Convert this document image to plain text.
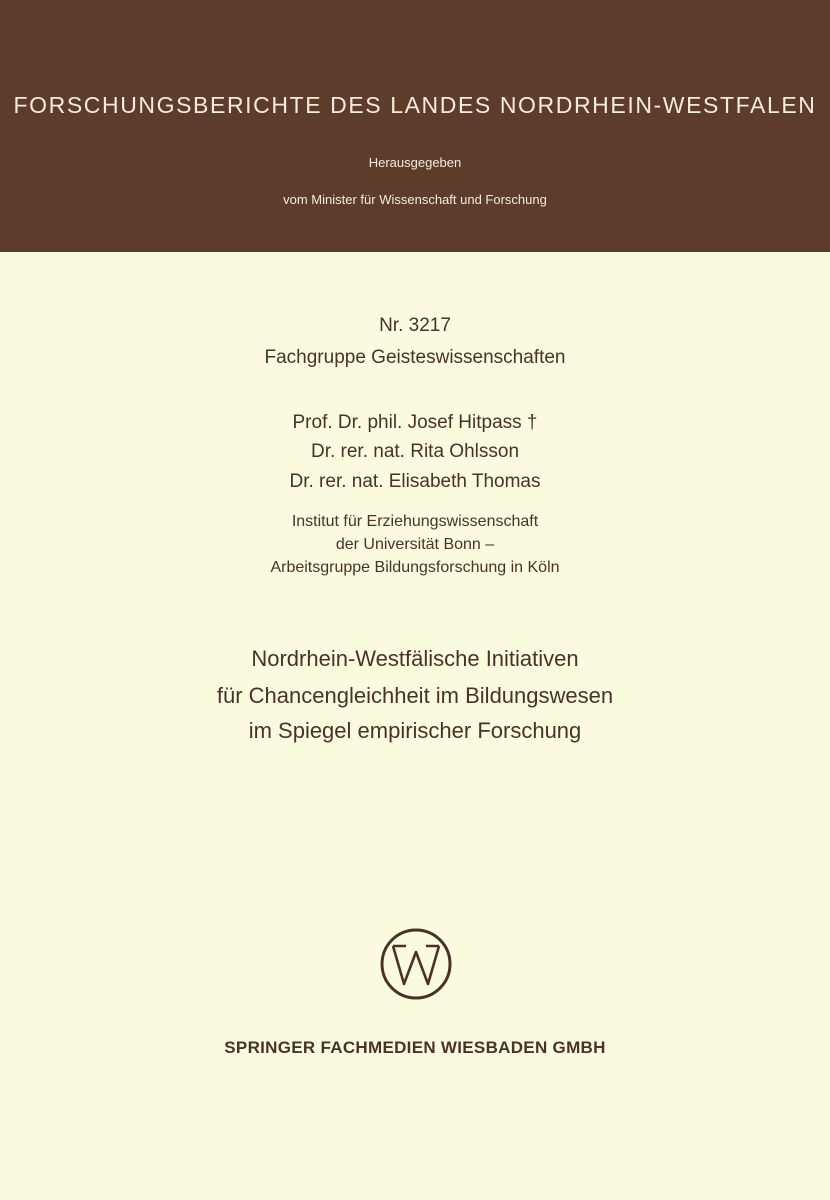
FORSCHUNGSBERICHTE DES LANDES NORDRHEIN-WESTFALEN
Herausgegeben
vom Minister für Wissenschaft und Forschung
Nr. 3217
Fachgruppe Geisteswissenschaften
Prof. Dr. phil. Josef Hitpass †
Dr. rer. nat. Rita Ohlsson
Dr. rer. nat. Elisabeth Thomas
Institut für Erziehungswissenschaft
der Universität Bonn –
Arbeitsgruppe Bildungsforschung in Köln
Nordrhein-Westfälische Initiativen
für Chancengleichheit im Bildungswesen
im Spiegel empirischer Forschung
SPRINGER FACHMEDIEN WIESBADEN GMBH
